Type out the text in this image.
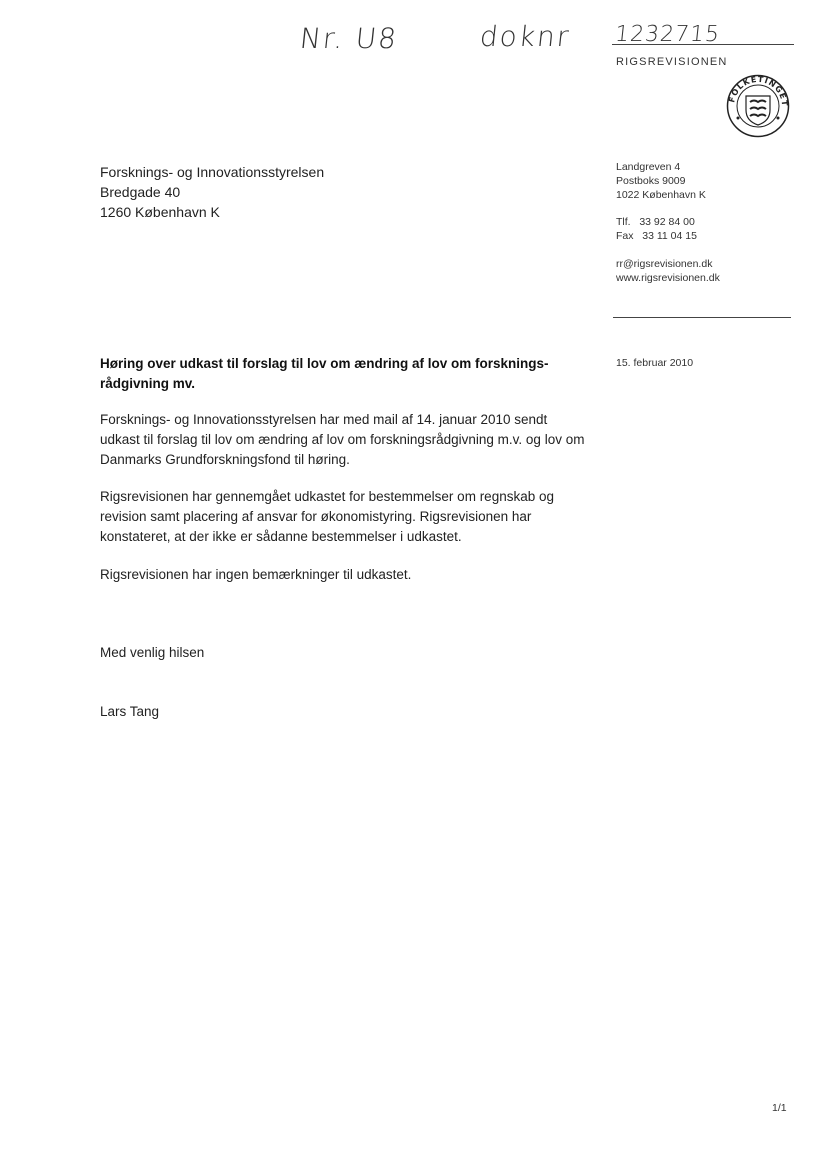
Nr. U8	doknr 1232715
RIGSREVISIONEN
FOLKETINGET
Forsknings- og Innovationsstyrelsen
Bredgade 40
1260 København K
Landgreven 4
Postboks 9009
1022 København K
Tlf.   33 92 84 00
Fax   33 11 04 15
rr@rigsrevisionen.dk
www.rigsrevisionen.dk
15. februar 2010
Høring over udkast til forslag til lov om ændring af lov om forsknings-rådgivning mv.
Forsknings- og Innovationsstyrelsen har med mail af 14. januar 2010 sendt udkast til forslag til lov om ændring af lov om forskningsrådgivning m.v. og lov om Danmarks Grundforskningsfond til høring.
Rigsrevisionen har gennemgået udkastet for bestemmelser om regnskab og revision samt placering af ansvar for økonomistyring. Rigsrevisionen har konstateret, at der ikke er sådanne bestemmelser i udkastet.
Rigsrevisionen har ingen bemærkninger til udkastet.
Med venlig hilsen
Lars Tang
1/1
